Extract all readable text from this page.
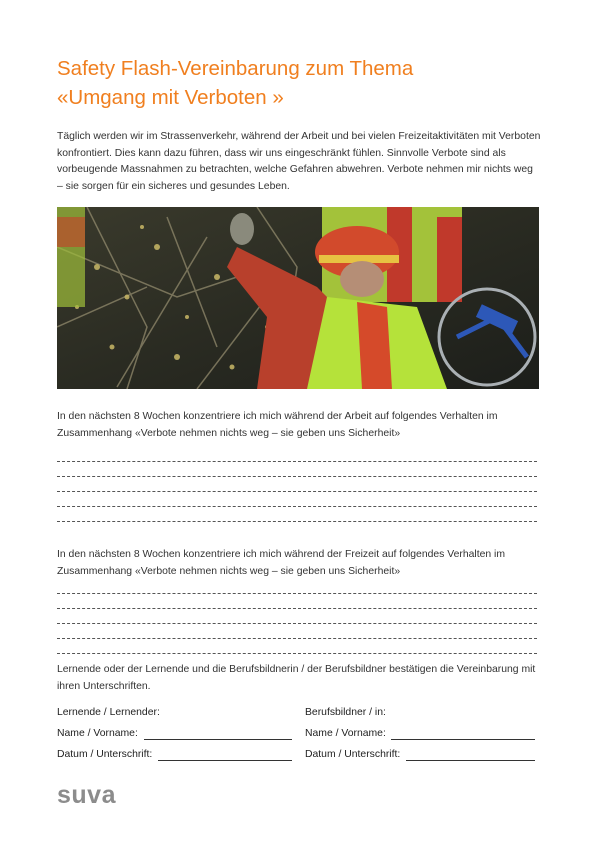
Safety Flash-Vereinbarung zum Thema
«Umgang mit Verboten »

Täglich werden wir im Strassenverkehr, während der Arbeit und bei vielen Freizeitaktivitäten mit Verboten konfrontiert. Dies kann dazu führen, dass wir uns eingeschränkt fühlen. Sinnvolle Verbote sind als vorbeugende Massnahmen zu betrachten, welche Gefahren abwehren. Verbote nehmen mir nichts weg – sie sorgen für ein sicheres und gesundes Leben.

In den nächsten 8 Wochen konzentriere ich mich während der Arbeit auf folgendes Verhalten im Zusammenhang «Verbote nehmen nichts weg – sie geben uns Sicherheit»

In den nächsten 8 Wochen konzentriere ich mich während der Freizeit auf folgendes Verhalten im Zusammenhang «Verbote nehmen nichts weg – sie geben uns Sicherheit»

Lernende oder der Lernende und die Berufsbildnerin / der Berufsbildner bestätigen die Vereinbarung mit ihren Unterschriften.

Lernende / Lernender:	Berufsbildner / in:
Name / Vorname:	Name / Vorname:
Datum / Unterschrift:	Datum / Unterschrift:
suva
